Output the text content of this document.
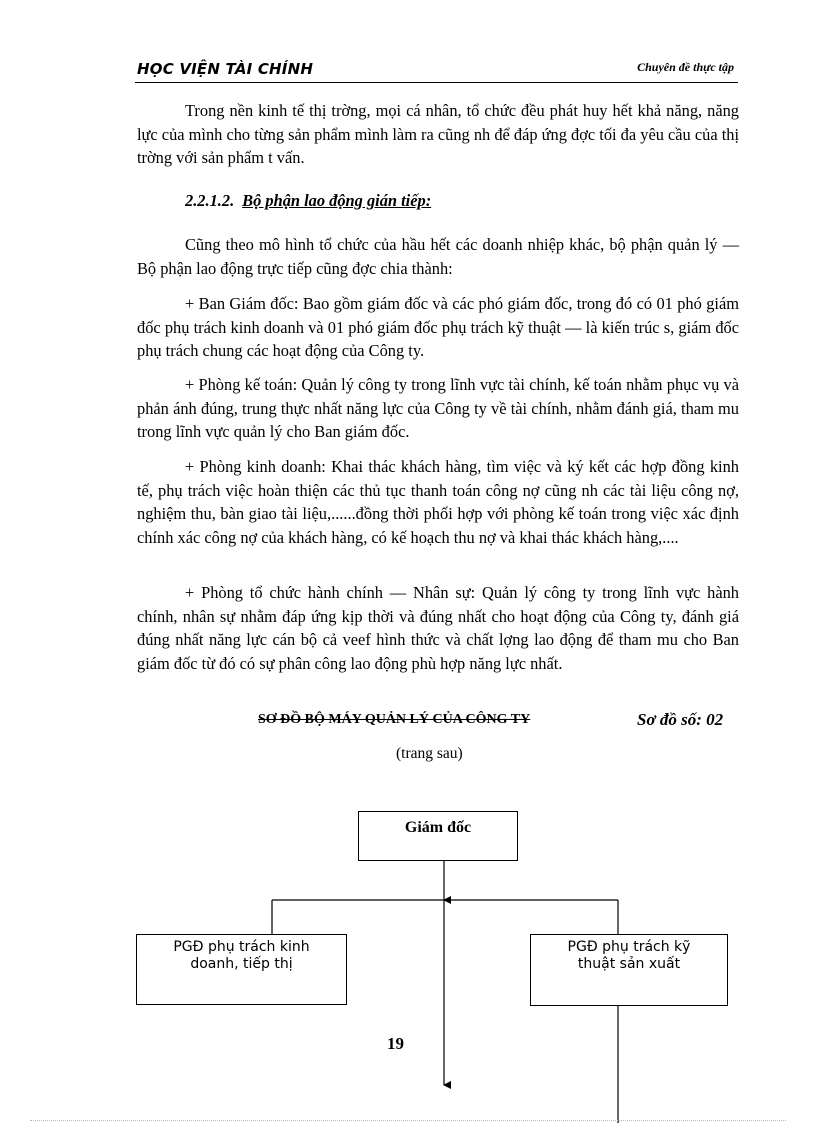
HỌC VIỆN TÀI CHÍNH	Chuyên đề thực tập
Trong nền kinh tế thị trờng, mọi cá nhân, tổ chức đều phát huy hết khả năng, năng lực của mình cho từng sản phẩm mình làm ra cũng nh để đáp ứng đợc tối đa yêu cầu của thị trờng với sản phẩm t vấn.
2.2.1.2. Bộ phận lao động gián tiếp:
Cũng theo mô hình tổ chức của hầu hết các doanh nhiệp khác, bộ phận quản lý — Bộ phận lao động trực tiếp cũng đợc chia thành:
+ Ban Giám đốc: Bao gồm giám đốc và các phó giám đốc, trong đó có 01 phó giám đốc phụ trách kinh doanh và 01 phó giám đốc phụ trách kỹ thuật — là kiến trúc s, giám đốc phụ trách chung các hoạt động của Công ty.
+ Phòng kế toán: Quản lý công ty trong lĩnh vực tài chính, kế toán nhằm phục vụ và phản ánh đúng, trung thực nhất năng lực của Công ty về tài chính, nhằm đánh giá, tham mu trong lĩnh vực quản lý cho Ban giám đốc.
+ Phòng kinh doanh: Khai thác khách hàng, tìm việc và ký kết các hợp đồng kinh tế, phụ trách việc hoàn thiện các thủ tục thanh toán công nợ cũng nh các tài liệu công nợ, nghiệm thu, bàn giao tài liệu,......đồng thời phối hợp với phòng kế toán trong việc xác định chính xác công nợ của khách hàng, có kế hoạch thu nợ và khai thác khách hàng,....
+ Phòng tổ chức hành chính — Nhân sự: Quản lý công ty trong lĩnh vực hành chính, nhân sự nhằm đáp ứng kịp thời và đúng nhất cho hoạt động của Công ty, đánh giá đúng nhất năng lực cán bộ cả veef hình thức và chất lợng lao động để tham mu cho Ban giám đốc từ đó có sự phân công lao động phù hợp năng lực nhất.
SƠ ĐỒ BỘ MÁY QUẢN LÝ CỦA CÔNG TY	Sơ đồ số: 02
(trang sau)
Giám đốc
PGĐ phụ trách kinh doanh, tiếp thị
PGĐ phụ trách kỹ thuật sản xuất
19
